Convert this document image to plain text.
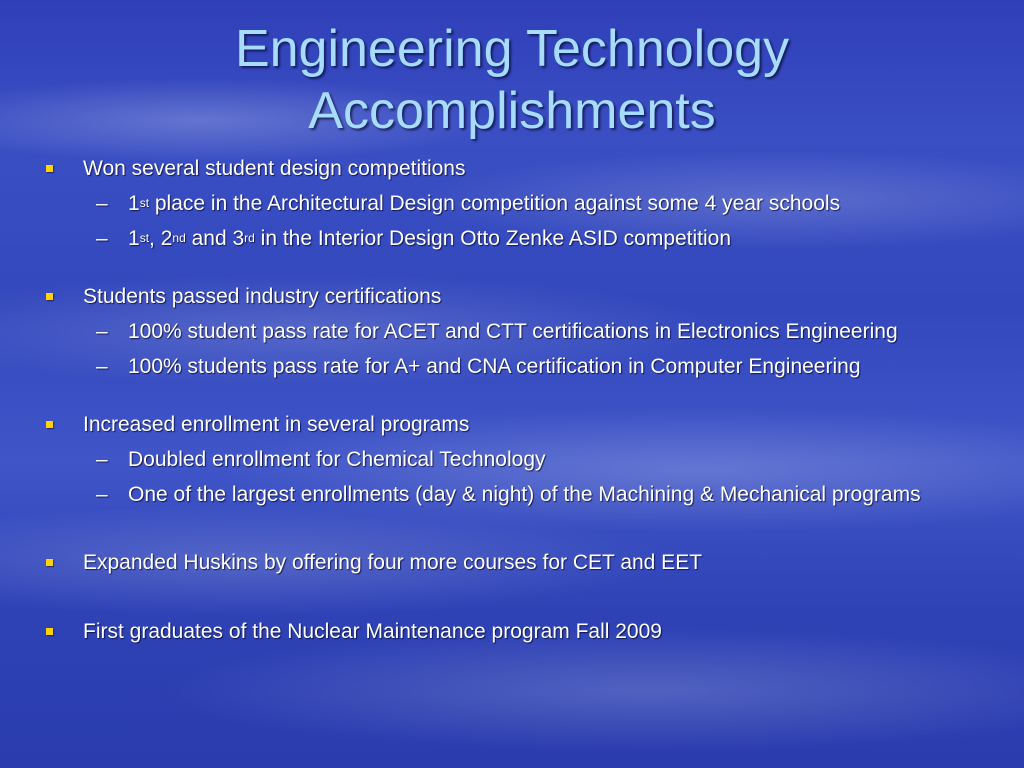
Engineering Technology
Accomplishments
Won several student design competitions
– 1st place in the Architectural Design competition against some 4 year schools
– 1st, 2nd and 3rd in the Interior Design Otto Zenke ASID competition
Students passed industry certifications
– 100% student pass rate for ACET and CTT certifications in Electronics Engineering
– 100% students pass rate for A+ and CNA certification in Computer Engineering
Increased enrollment in several programs
– Doubled enrollment for Chemical Technology
– One of the largest enrollments (day & night) of the Machining & Mechanical programs
Expanded Huskins by offering four more courses for CET and EET
First graduates of the Nuclear Maintenance program Fall 2009
